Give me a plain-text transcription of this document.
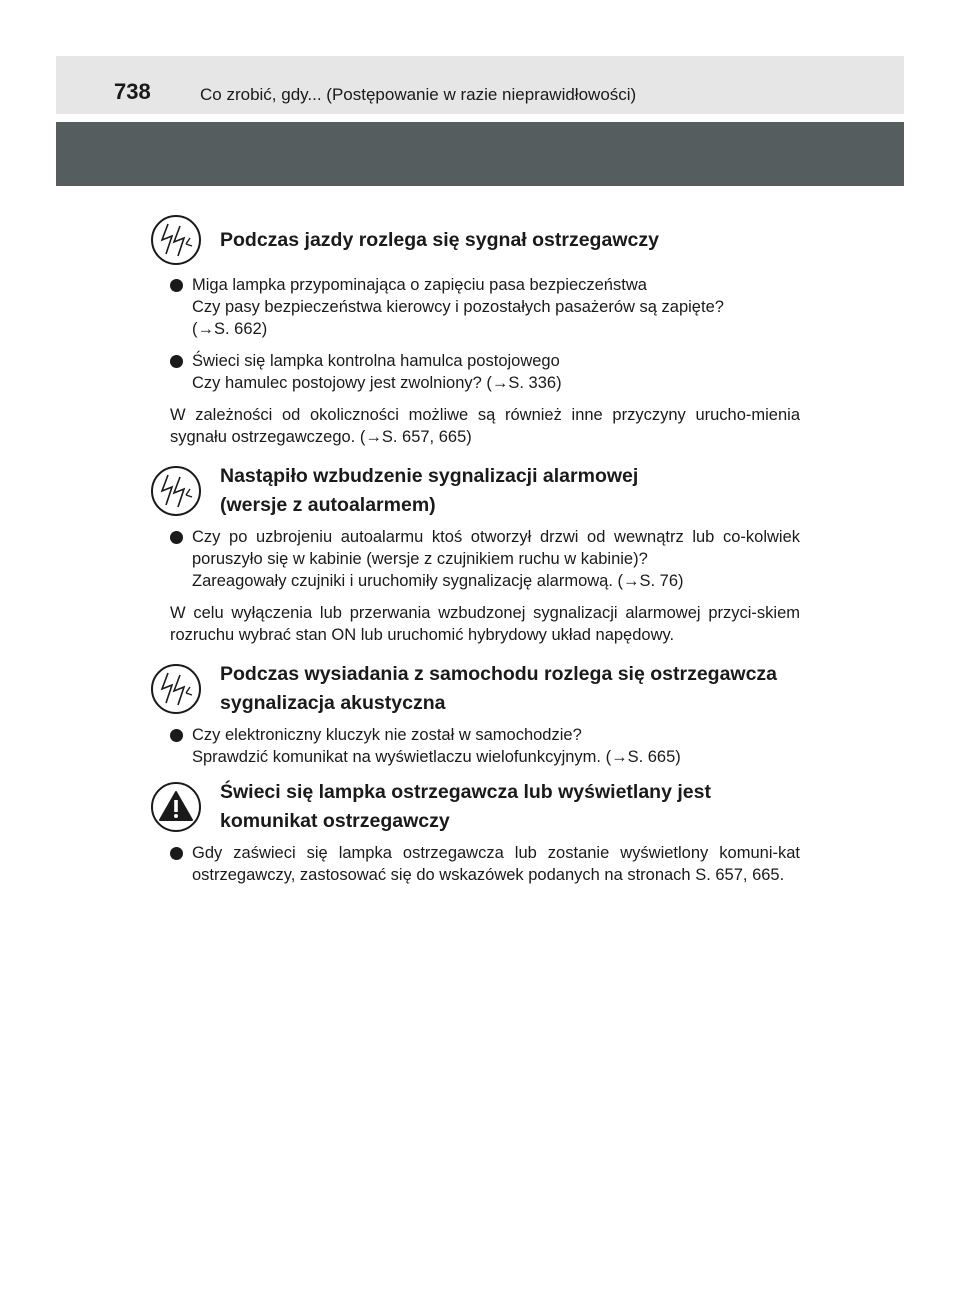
738	Co zrobić, gdy... (Postępowanie w razie nieprawidłowości)
Podczas jazdy rozlega się sygnał ostrzegawczy
Miga lampka przypominająca o zapięciu pasa bezpieczeństwa
Czy pasy bezpieczeństwa kierowcy i pozostałych pasażerów są zapięte?
(→S. 662)
Świeci się lampka kontrolna hamulca postojowego
Czy hamulec postojowy jest zwolniony? (→S. 336)
W zależności od okoliczności możliwe są również inne przyczyny urucho-mienia sygnału ostrzegawczego. (→S. 657, 665)
Nastąpiło wzbudzenie sygnalizacji alarmowej
(wersje z autoalarmem)
Czy po uzbrojeniu autoalarmu ktoś otworzył drzwi od wewnątrz lub co-kolwiek poruszyło się w kabinie (wersje z czujnikiem ruchu w kabinie)?
Zareagowały czujniki i uruchomiły sygnalizację alarmową. (→S. 76)
W celu wyłączenia lub przerwania wzbudzonej sygnalizacji alarmowej przyci-skiem rozruchu wybrać stan ON lub uruchomić hybrydowy układ napędowy.
Podczas wysiadania z samochodu rozlega się ostrzegawcza
sygnalizacja akustyczna
Czy elektroniczny kluczyk nie został w samochodzie?
Sprawdzić komunikat na wyświetlaczu wielofunkcyjnym. (→S. 665)
Świeci się lampka ostrzegawcza lub wyświetlany jest
komunikat ostrzegawczy
Gdy zaświeci się lampka ostrzegawcza lub zostanie wyświetlony komuni-kat ostrzegawczy, zastosować się do wskazówek podanych na stronach S. 657, 665.
